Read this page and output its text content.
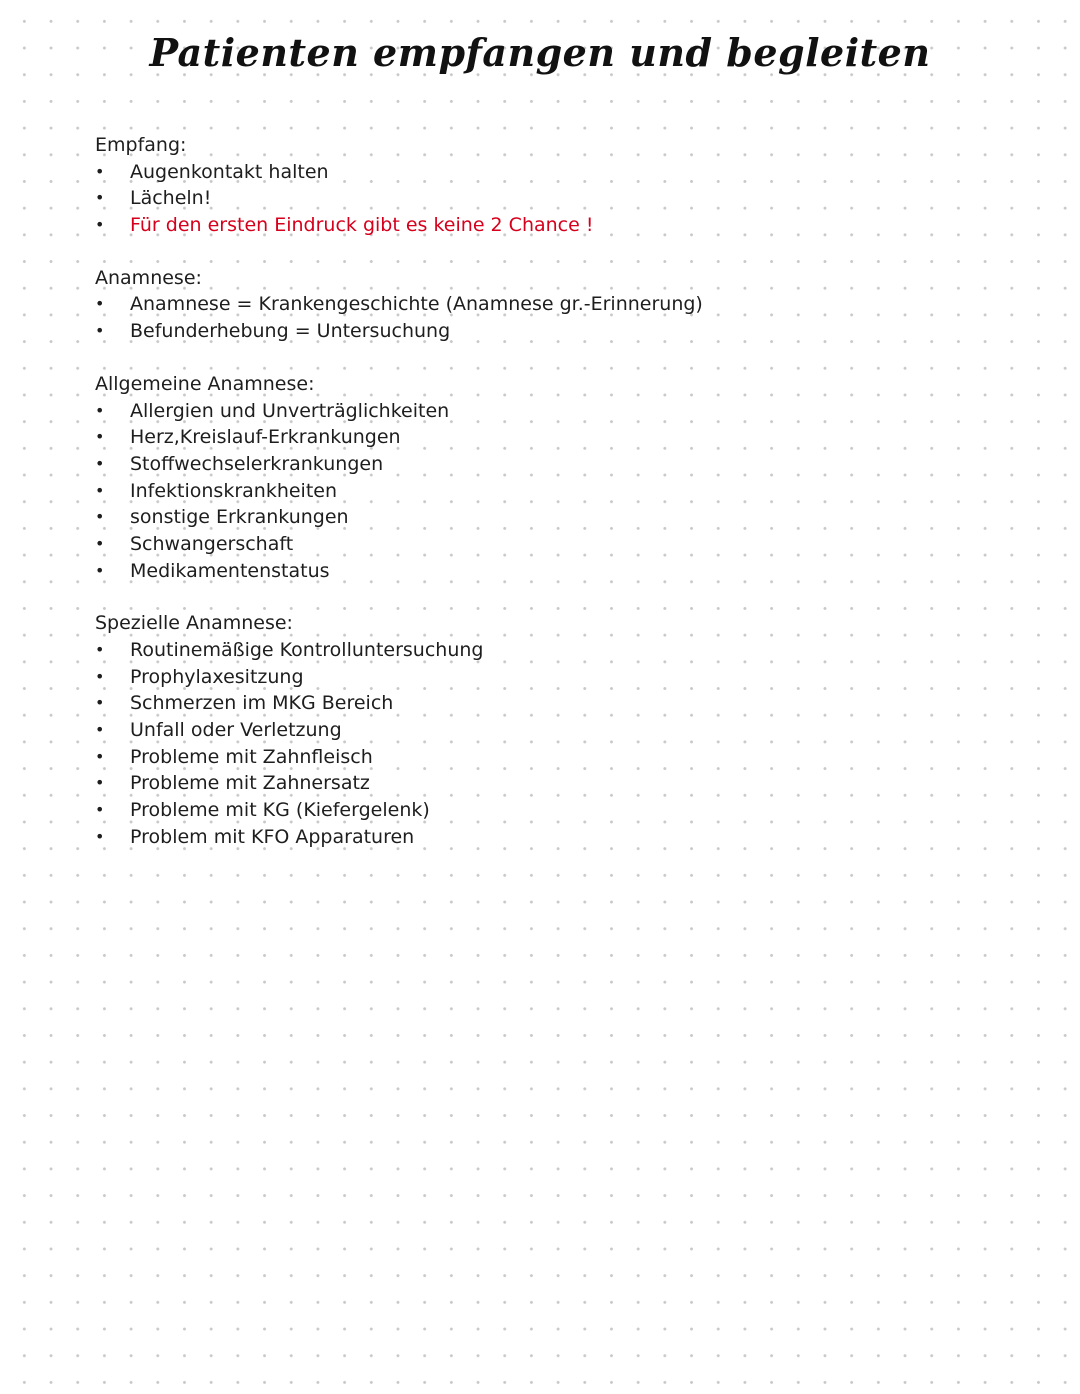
Patienten empfangen und begleiten
Empfang:
• Augenkontakt halten
• Lächeln!
• Für den ersten Eindruck gibt es keine 2 Chance !
Anamnese:
• Anamnese = Krankengeschichte (Anamnese gr.-Erinnerung)
• Befunderhebung = Untersuchung
Allgemeine Anamnese:
• Allergien und Unverträglichkeiten
• Herz,Kreislauf-Erkrankungen
• Stoffwechselerkrankungen
• Infektionskrankheiten
• sonstige Erkrankungen
• Schwangerschaft
• Medikamentenstatus
Spezielle Anamnese:
• Routinemäßige Kontrolluntersuchung
• Prophylaxesitzung
• Schmerzen im MKG Bereich
• Unfall oder Verletzung
• Probleme mit Zahnfleisch
• Probleme mit Zahnersatz
• Probleme mit KG (Kiefergelenk)
• Problem mit KFO Apparaturen
